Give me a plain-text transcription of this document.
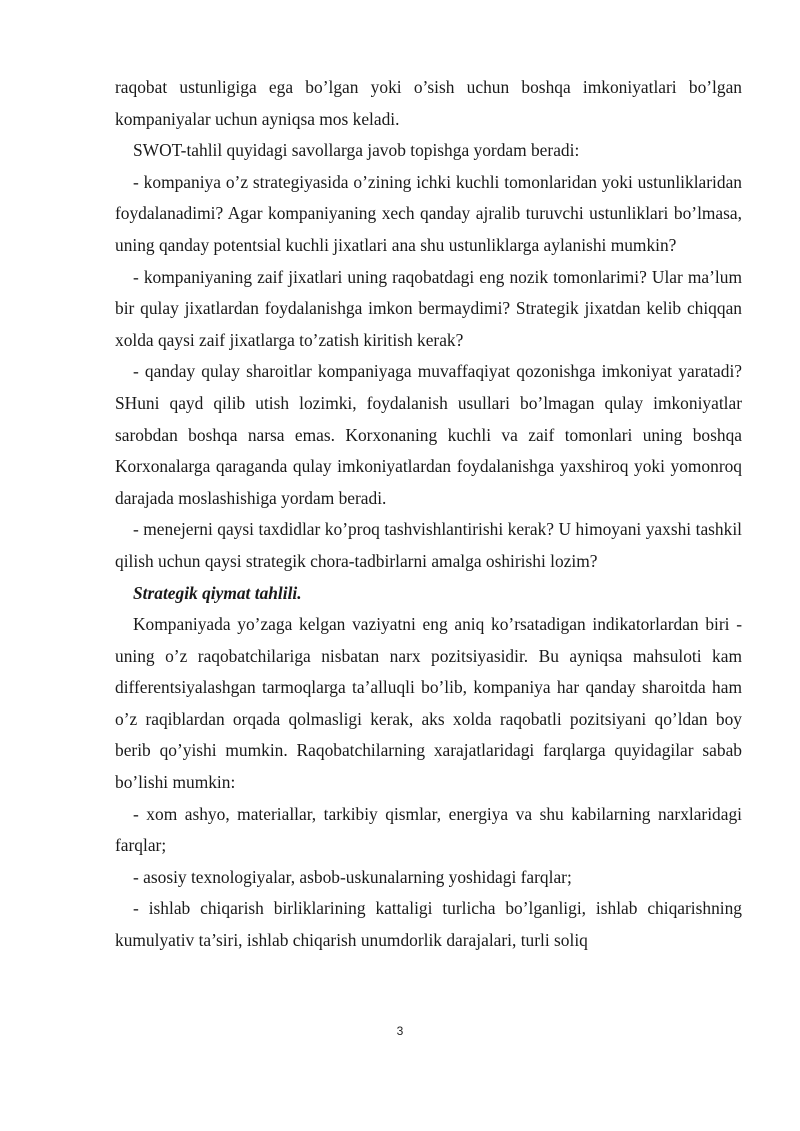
raqobat ustunligiga ega bo’lgan yoki o’sish uchun boshqa imkoniyatlari bo’lgan kompaniyalar uchun ayniqsa mos keladi.

SWOT-tahlil quyidagi savollarga javob topishga yordam beradi:

- kompaniya o’z strategiyasida o’zining ichki kuchli tomonlaridan yoki ustunliklaridan foydalanadimi? Agar kompaniyaning xech qanday ajralib turuvchi ustunliklari bo’lmasa, uning qanday potentsial kuchli jixatlari ana shu ustunliklarga aylanishi mumkin?

- kompaniyaning zaif jixatlari uning raqobatdagi eng nozik tomonlarimi? Ular ma’lum bir qulay jixatlardan foydalanishga imkon bermaydimi? Strategik jixatdan kelib chiqqan xolda qaysi zaif jixatlarga to’zatish kiritish kerak?

- qanday qulay sharoitlar kompaniyaga muvaffaqiyat qozonishga imkoniyat yaratadi? SHuni qayd qilib utish lozimki, foydalanish usullari bo’lmagan qulay imkoniyatlar sarobdan boshqa narsa emas. Korxonaning kuchli va zaif tomonlari uning boshqa Korxonalarga qaraganda qulay imkoniyatlardan foydalanishga yaxshiroq yoki yomonroq darajada moslashishiga yordam beradi.

- menejerni qaysi taxdidlar ko’proq tashvishlantirishi kerak? U himoyani yaxshi tashkil qilish uchun qaysi strategik chora-tadbirlarni amalga oshirishi lozim?

Strategik qiymat tahlili.

Kompaniyada yo’zaga kelgan vaziyatni eng aniq ko’rsatadigan indikatorlardan biri - uning o’z raqobatchilariga nisbatan narx pozitsiyasidir. Bu ayniqsa mahsuloti kam differentsiyalashgan tarmoqlarga ta’alluqli bo’lib, kompaniya har qanday sharoitda ham o’z raqiblardan orqada qolmasligi kerak, aks xolda raqobatli pozitsiyani qo’ldan boy berib qo’yishi mumkin. Raqobatchilarning xarajatlaridagi farqlarga quyidagilar sabab bo’lishi mumkin:

- xom ashyo, materiallar, tarkibiy qismlar, energiya va shu kabilarning narxlaridagi farqlar;

- asosiy texnologiyalar, asbob-uskunalarning yoshidagi farqlar;

- ishlab chiqarish birliklarining kattaligi turlicha bo’lganligi, ishlab chiqarishning kumulyativ ta’siri, ishlab chiqarish unumdorlik darajalari, turli soliq

3
